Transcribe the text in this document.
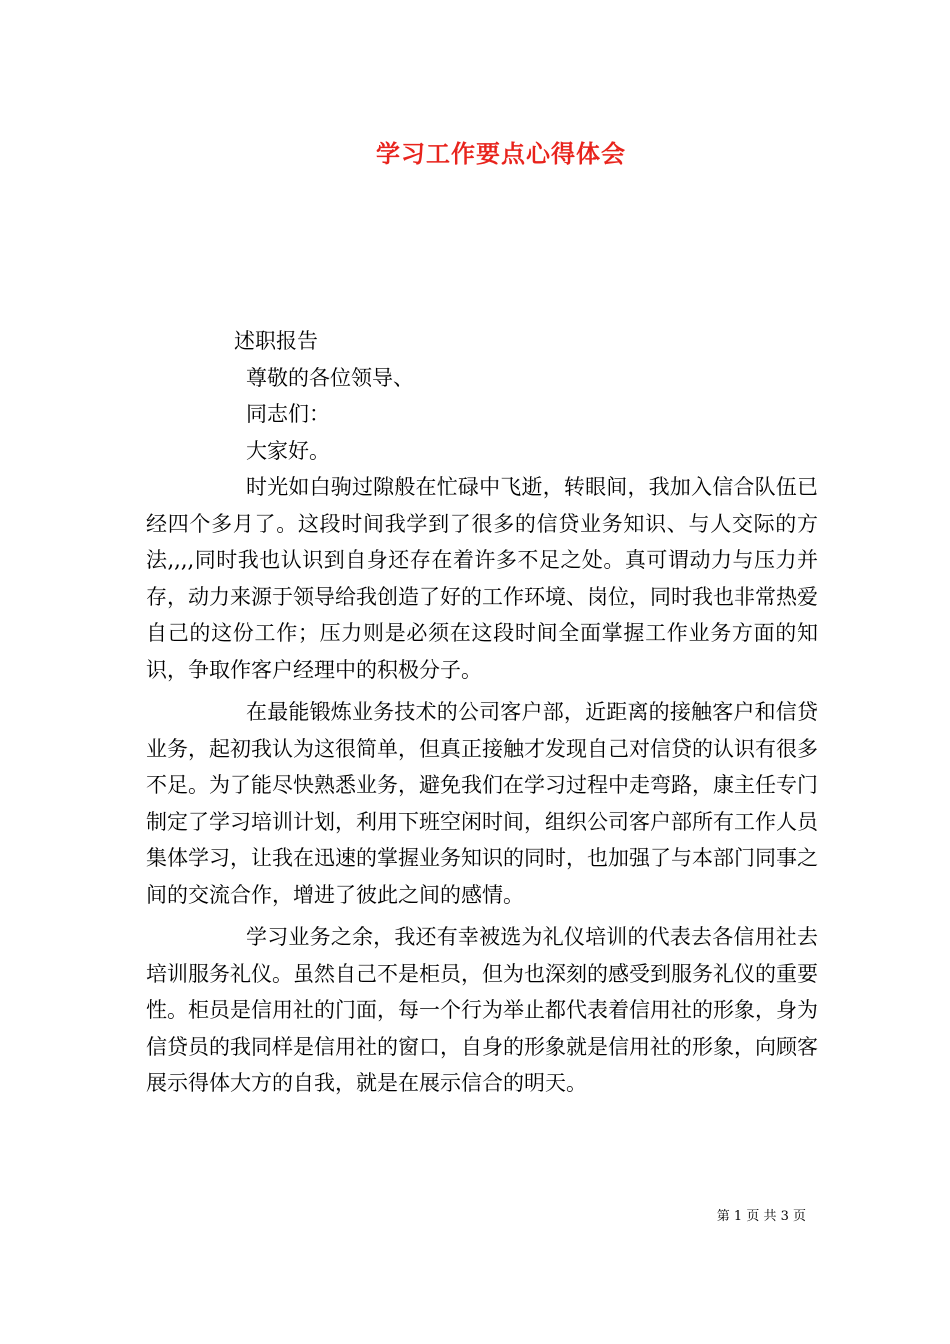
学习工作要点心得体会

述职报告

尊敬的各位领导、

同志们：

大家好。

时光如白驹过隙般在忙碌中飞逝，转眼间，我加入信合队伍已经四个多月了。这段时间我学到了很多的信贷业务知识、与人交际的方法,,,,同时我也认识到自身还存在着许多不足之处。真可谓动力与压力并存，动力来源于领导给我创造了好的工作环境、岗位，同时我也非常热爱自己的这份工作；压力则是必须在这段时间全面掌握工作业务方面的知识，争取作客户经理中的积极分子。

在最能锻炼业务技术的公司客户部，近距离的接触客户和信贷业务，起初我认为这很简单，但真正接触才发现自己对信贷的认识有很多不足。为了能尽快熟悉业务，避免我们在学习过程中走弯路，康主任专门制定了学习培训计划，利用下班空闲时间，组织公司客户部所有工作人员集体学习，让我在迅速的掌握业务知识的同时，也加强了与本部门同事之间的交流合作，增进了彼此之间的感情。

学习业务之余，我还有幸被选为礼仪培训的代表去各信用社去培训服务礼仪。虽然自己不是柜员，但为也深刻的感受到服务礼仪的重要性。柜员是信用社的门面，每一个行为举止都代表着信用社的形象，身为信贷员的我同样是信用社的窗口，自身的形象就是信用社的形象，向顾客展示得体大方的自我，就是在展示信合的明天。

第 1 页 共 3 页
